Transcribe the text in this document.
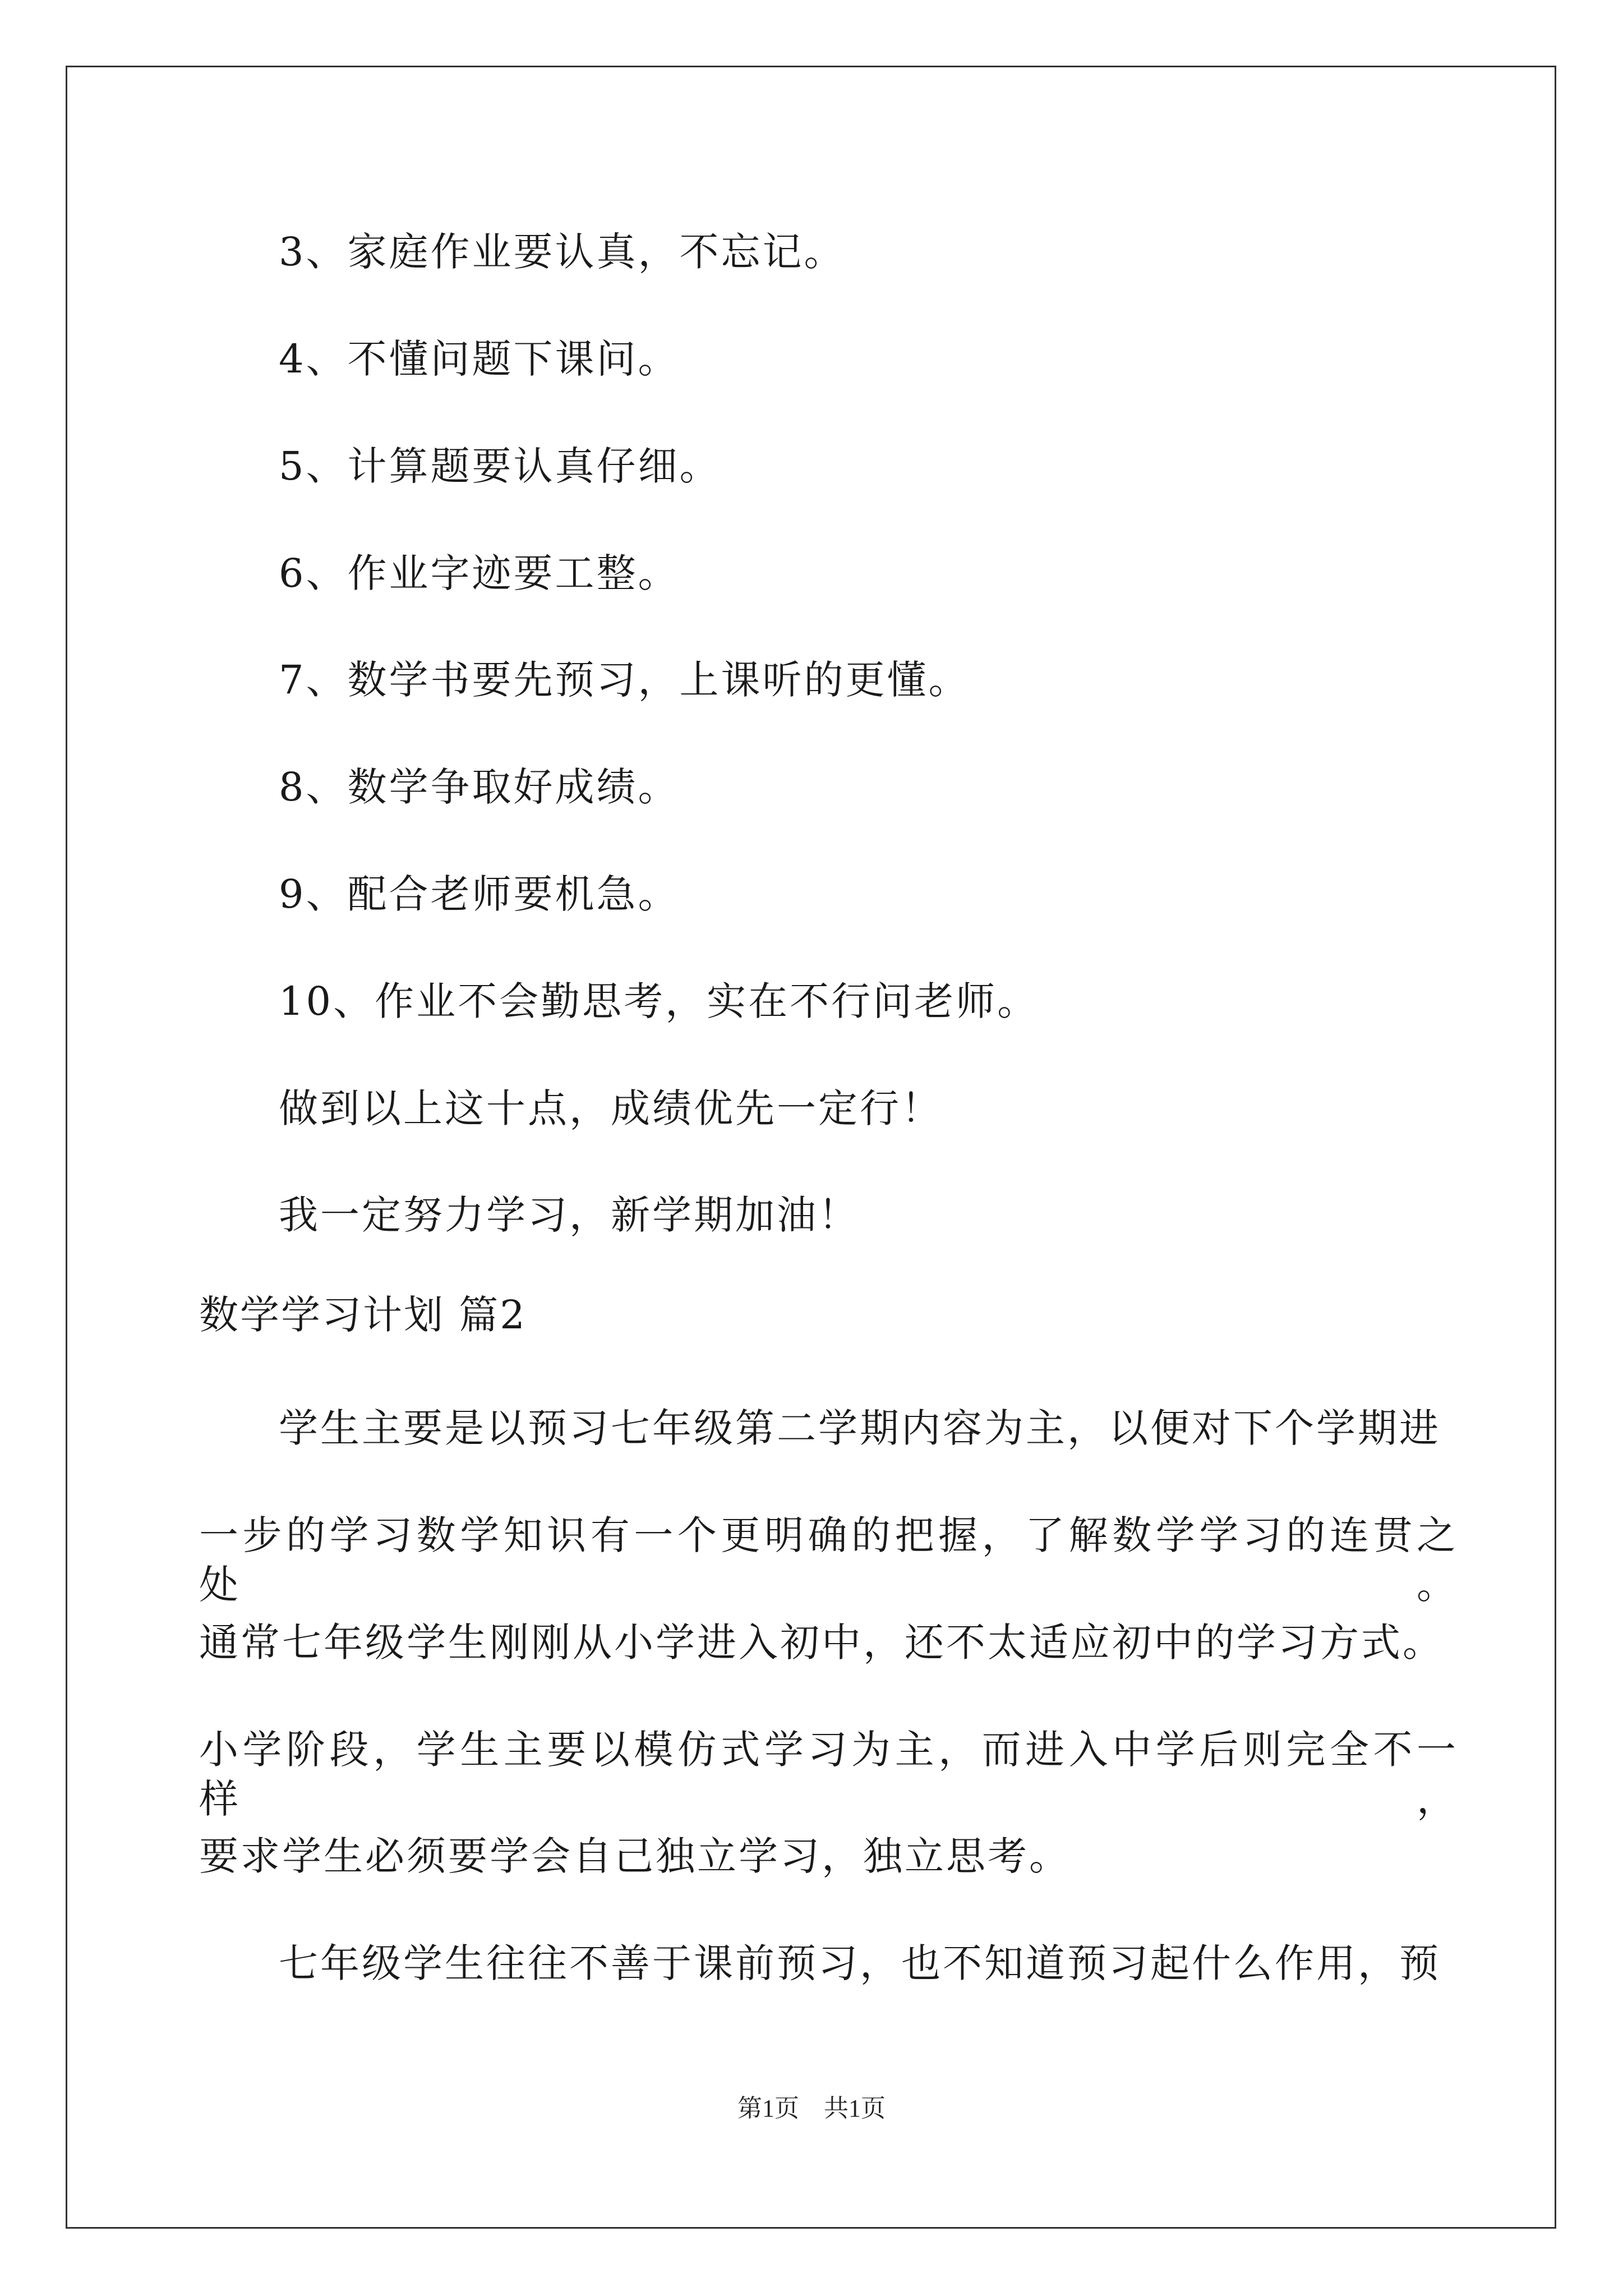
3、家庭作业要认真，不忘记。

4、不懂问题下课问。

5、计算题要认真仔细。

6、作业字迹要工整。

7、数学书要先预习，上课听的更懂。

8、数学争取好成绩。

9、配合老师要机急。

10、作业不会勤思考，实在不行问老师。

做到以上这十点，成绩优先一定行！

我一定努力学习，新学期加油！

数学学习计划 篇2

学生主要是以预习七年级第二学期内容为主，以便对下个学期进

一步的学习数学知识有一个更明确的把握，了解数学学习的连贯之处。

通常七年级学生刚刚从小学进入初中，还不太适应初中的学习方式。

小学阶段，学生主要以模仿式学习为主，而进入中学后则完全不一样，

要求学生必须要学会自己独立学习，独立思考。

七年级学生往往不善于课前预习，也不知道预习起什么作用，预

第1页　共1页
